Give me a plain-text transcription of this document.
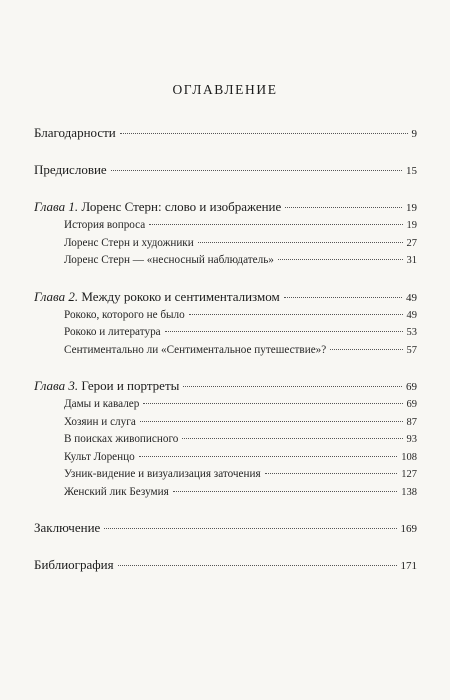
ОГЛАВЛЕНИЕ
Благодарности	9
Предисловие	15
Глава 1. Лоренс Стерн: слово и изображение	19
История вопроса	19
Лоренс Стерн и художники	27
Лоренс Стерн — «несносный наблюдатель»	31
Глава 2. Между рококо и сентиментализмом	49
Рококо, которого не было	49
Рококо и литература	53
Сентиментально ли «Сентиментальное путешествие»?	57
Глава 3. Герои и портреты	69
Дамы и кавалер	69
Хозяин и слуга	87
В поисках живописного	93
Культ Лоренцо	108
Узник-видение и визуализация заточения	127
Женский лик Безумия	138
Заключение	169
Библиография	171
